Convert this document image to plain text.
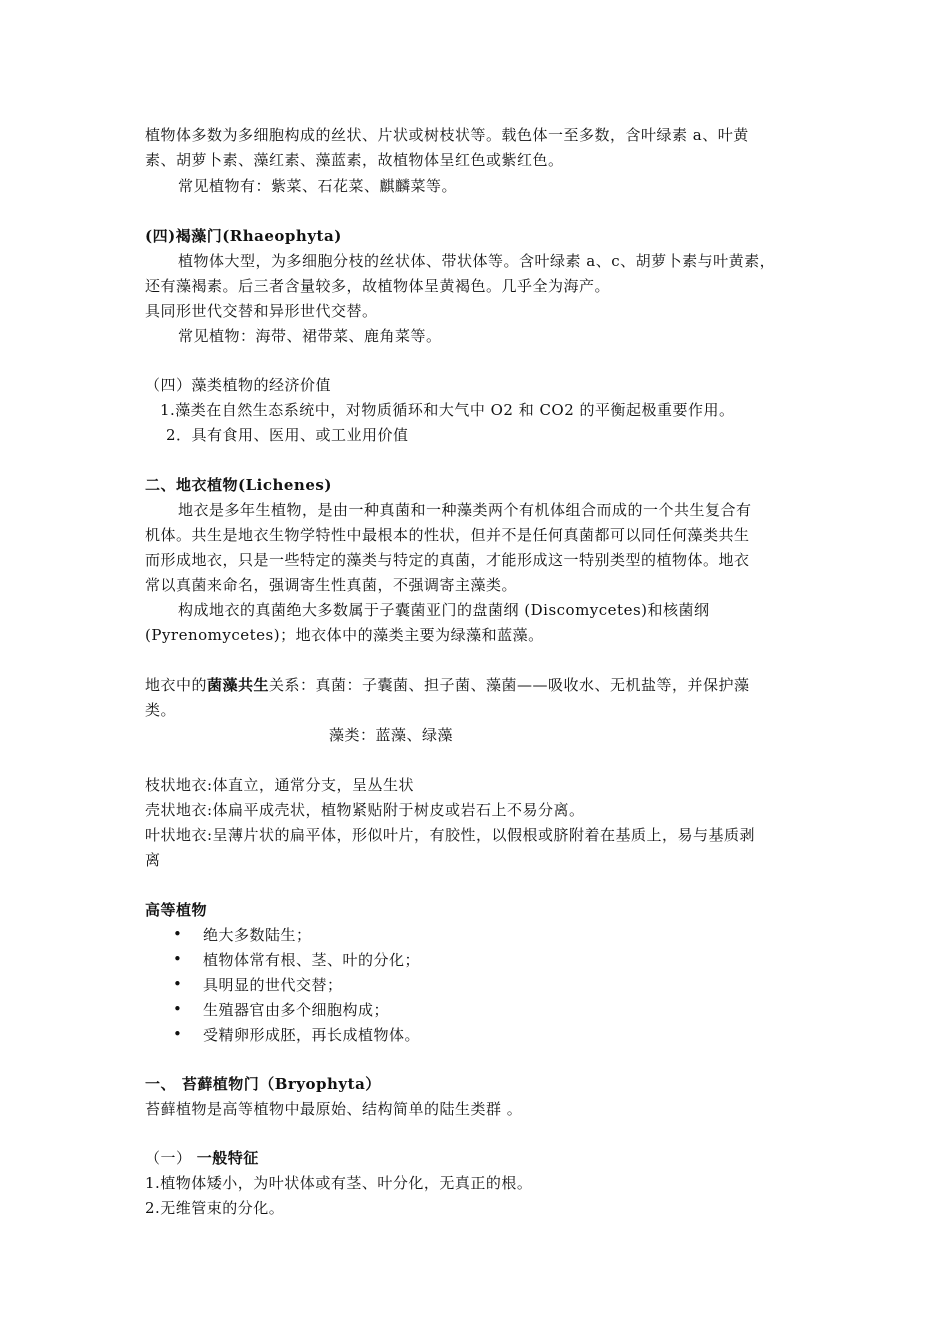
植物体多数为多细胞构成的丝状、片状或树枝状等。载色体一至多数，含叶绿素 a、叶黄
素、胡萝卜素、藻红素、藻蓝素，故植物体呈红色或紫红色。
常见植物有：紫菜、石花菜、麒麟菜等。
(四)褐藻门(Rhaeophyta)
植物体大型，为多细胞分枝的丝状体、带状体等。含叶绿素 a、c、胡萝卜素与叶黄素，
还有藻褐素。后三者含量较多，故植物体呈黄褐色。几乎全为海产。
具同形世代交替和异形世代交替。
常见植物：海带、裙带菜、鹿角菜等。
（四）藻类植物的经济价值
1.藻类在自然生态系统中，对物质循环和大气中 O2 和 CO2 的平衡起极重要作用。
2．具有食用、医用、或工业用价值
二、地衣植物(Lichenes)
地衣是多年生植物，是由一种真菌和一种藻类两个有机体组合而成的一个共生复合有
机体。共生是地衣生物学特性中最根本的性状，但并不是任何真菌都可以同任何藻类共生
而形成地衣，只是一些特定的藻类与特定的真菌，才能形成这一特别类型的植物体。地衣
常以真菌来命名，强调寄生性真菌，不强调寄主藻类。
构成地衣的真菌绝大多数属于子囊菌亚门的盘菌纲 (Discomycetes)和核菌纲
(Pyrenomycetes)；地衣体中的藻类主要为绿藻和蓝藻。
地衣中的菌藻共生关系：真菌：子囊菌、担子菌、藻菌——吸收水、无机盐等，并保护藻
类。
藻类：蓝藻、绿藻
枝状地衣:体直立，通常分支，呈丛生状
壳状地衣:体扁平成壳状，植物紧贴附于树皮或岩石上不易分离。
叶状地衣:呈薄片状的扁平体，形似叶片，有胶性，以假根或脐附着在基质上，易与基质剥
离
高等植物
• 绝大多数陆生；
• 植物体常有根、茎、叶的分化；
• 具明显的世代交替；
• 生殖器官由多个细胞构成；
• 受精卵形成胚，再长成植物体。
一、 苔藓植物门（Bryophyta）
苔藓植物是高等植物中最原始、结构简单的陆生类群 。
（一） 一般特征
1.植物体矮小，为叶状体或有茎、叶分化，无真正的根。
2.无维管束的分化。
